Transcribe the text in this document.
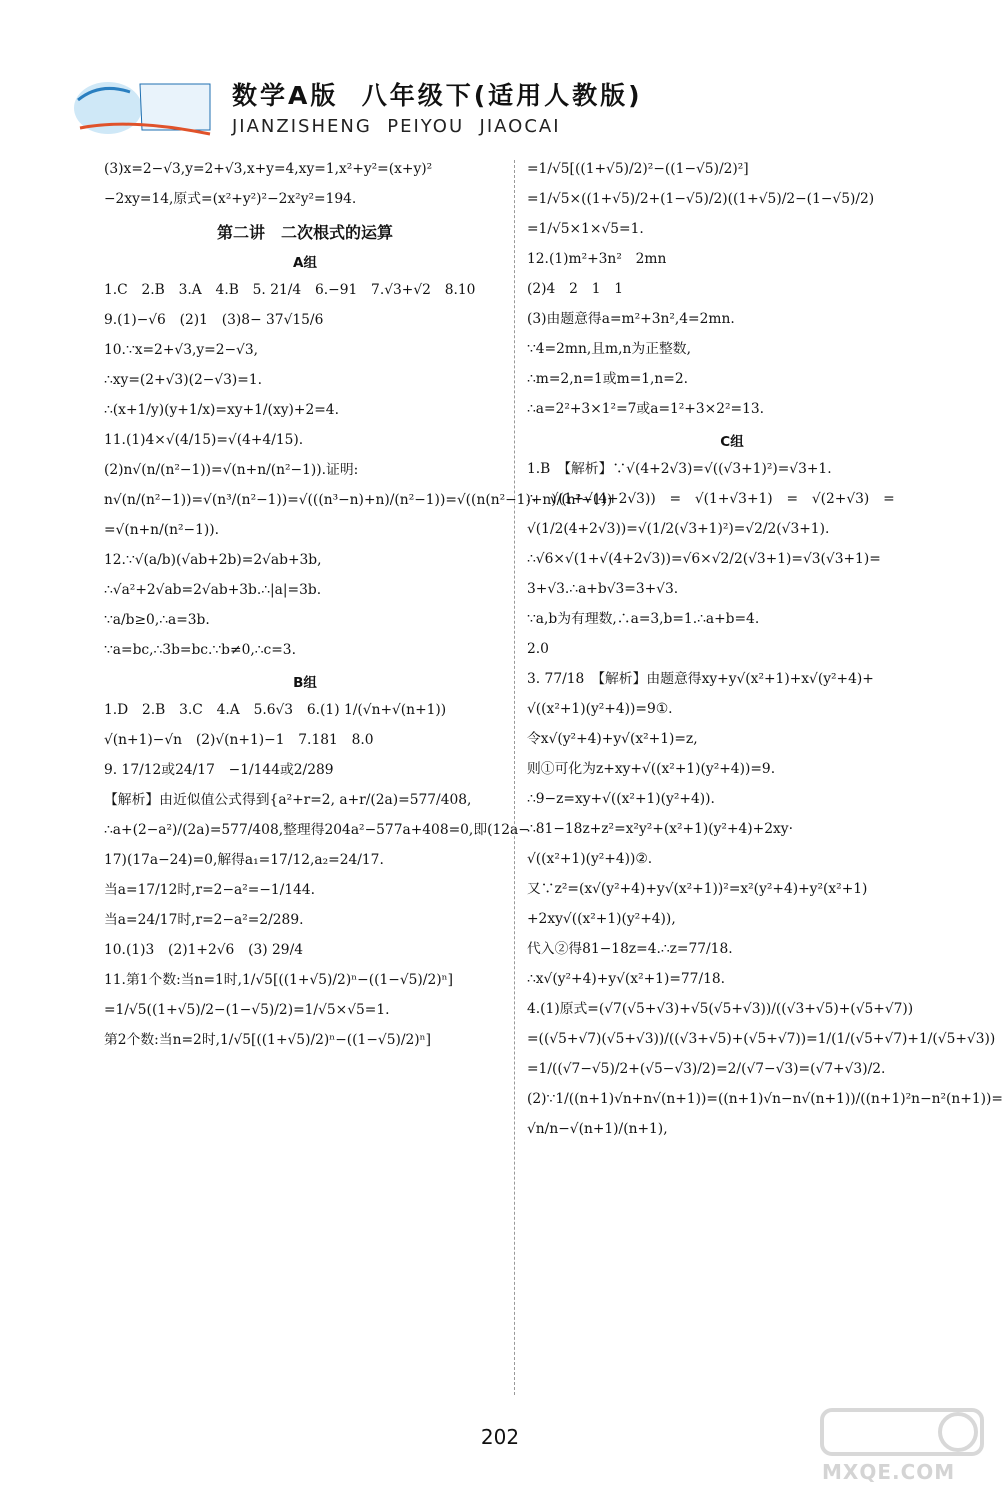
数学A版  八年级下(适用人教版)
JIANZISHENG  PEIYOU  JIAOCAI
(3)x=2−√3,y=2+√3,x+y=4,xy=1,x²+y²=(x+y)²
−2xy=14,原式=(x²+y²)²−2x²y²=194.
第二讲　二次根式的运算
A组
1.C　2.B　3.A　4.B　5. 21/4　6.−91　7.√3+√2　8.10
9.(1)−√6　(2)1　(3)8− 37√15/6
10.∵x=2+√3,y=2−√3,
∴xy=(2+√3)(2−√3)=1.
∴(x+1/y)(y+1/x)=xy+1/(xy)+2=4.
11.(1)4×√(4/15)=√(4+4/15).
(2)n√(n/(n²−1))=√(n+n/(n²−1)).证明:
n√(n/(n²−1))=√(n³/(n²−1))=√(((n³−n)+n)/(n²−1))=√((n(n²−1)+n)/(n²−1))
=√(n+n/(n²−1)).
12.∵√(a/b)(√ab+2b)=2√ab+3b,
∴√a²+2√ab=2√ab+3b.∴|a|=3b.
∵a/b≥0,∴a=3b.
∵a=bc,∴3b=bc.∵b≠0,∴c=3.
B组
1.D　2.B　3.C　4.A　5.6√3　6.(1) 1/(√n+√(n+1))
√(n+1)−√n　(2)√(n+1)−1　7.181　8.0
9. 17/12或24/17　−1/144或2/289
【解析】由近似值公式得到{a²+r=2, a+r/(2a)=577/408,
∴a+(2−a²)/(2a)=577/408,整理得204a²−577a+408=0,即(12a−
17)(17a−24)=0,解得a₁=17/12,a₂=24/17.
当a=17/12时,r=2−a²=−1/144.
当a=24/17时,r=2−a²=2/289.
10.(1)3　(2)1+2√6　(3) 29/4
11.第1个数:当n=1时,1/√5[((1+√5)/2)ⁿ−((1−√5)/2)ⁿ]
=1/√5((1+√5)/2−(1−√5)/2)=1/√5×√5=1.
第2个数:当n=2时,1/√5[((1+√5)/2)ⁿ−((1−√5)/2)ⁿ]
=1/√5[((1+√5)/2)²−((1−√5)/2)²]
=1/√5×((1+√5)/2+(1−√5)/2)((1+√5)/2−(1−√5)/2)
=1/√5×1×√5=1.
12.(1)m²+3n²　2mn
(2)4　2　1　1
(3)由题意得a=m²+3n²,4=2mn.
∵4=2mn,且m,n为正整数,
∴m=2,n=1或m=1,n=2.
∴a=2²+3×1²=7或a=1²+3×2²=13.
C组
1.B　【解析】∵√(4+2√3)=√((√3+1)²)=√3+1.
∴　√(1+√(4+2√3))　=　√(1+√3+1)　=　√(2+√3)　=
√(1/2(4+2√3))=√(1/2(√3+1)²)=√2/2(√3+1).
∴√6×√(1+√(4+2√3))=√6×√2/2(√3+1)=√3(√3+1)=
3+√3.∴a+b√3=3+√3.
∵a,b为有理数,∴a=3,b=1.∴a+b=4.
2.0
3. 77/18　【解析】由题意得xy+y√(x²+1)+x√(y²+4)+
√((x²+1)(y²+4))=9①.
令x√(y²+4)+y√(x²+1)=z,
则①可化为z+xy+√((x²+1)(y²+4))=9.
∴9−z=xy+√((x²+1)(y²+4)).
∴81−18z+z²=x²y²+(x²+1)(y²+4)+2xy·
√((x²+1)(y²+4))②.
又∵z²=(x√(y²+4)+y√(x²+1))²=x²(y²+4)+y²(x²+1)
+2xy√((x²+1)(y²+4)),
代入②得81−18z=4.∴z=77/18.
∴x√(y²+4)+y√(x²+1)=77/18.
4.(1)原式=(√7(√5+√3)+√5(√5+√3))/((√3+√5)+(√5+√7))
=((√5+√7)(√5+√3))/((√3+√5)+(√5+√7))=1/(1/(√5+√7)+1/(√5+√3))
=1/((√7−√5)/2+(√5−√3)/2)=2/(√7−√3)=(√7+√3)/2.
(2)∵1/((n+1)√n+n√(n+1))=((n+1)√n−n√(n+1))/((n+1)²n−n²(n+1))=
√n/n−√(n+1)/(n+1),
202
MXQE.COM
